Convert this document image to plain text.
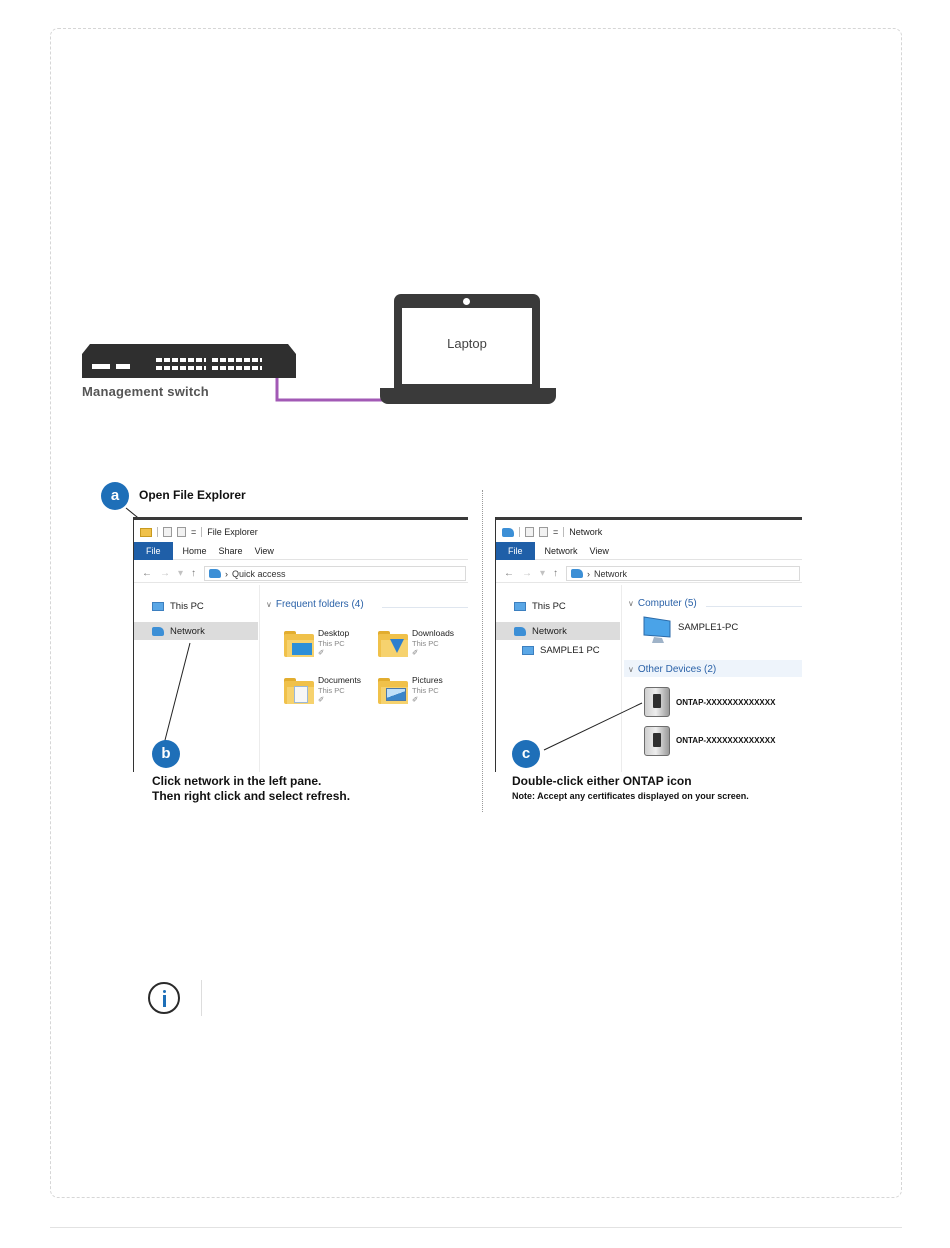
Management switch
Laptop
a	Open File Explorer
= File Explorer
File	Home Share View
← → ▾ ↑	› Quick access
This PC
Network
∨ Frequent folders (4)
Desktop
This PC
✐
Downloads
This PC
✐
Documents
This PC
✐
Pictures
This PC
✐
b
Click network in the left pane.
Then right click and select refresh.
= Network
File	Network View
← → ▾ ↑	› Network
This PC
Network
SAMPLE1 PC
∨ Computer (5)
SAMPLE1-PC
∨ Other Devices (2)
ONTAP-XXXXXXXXXXXXX
ONTAP-XXXXXXXXXXXXX
c
Double-click either ONTAP icon
Note: Accept any certificates displayed on your screen.
